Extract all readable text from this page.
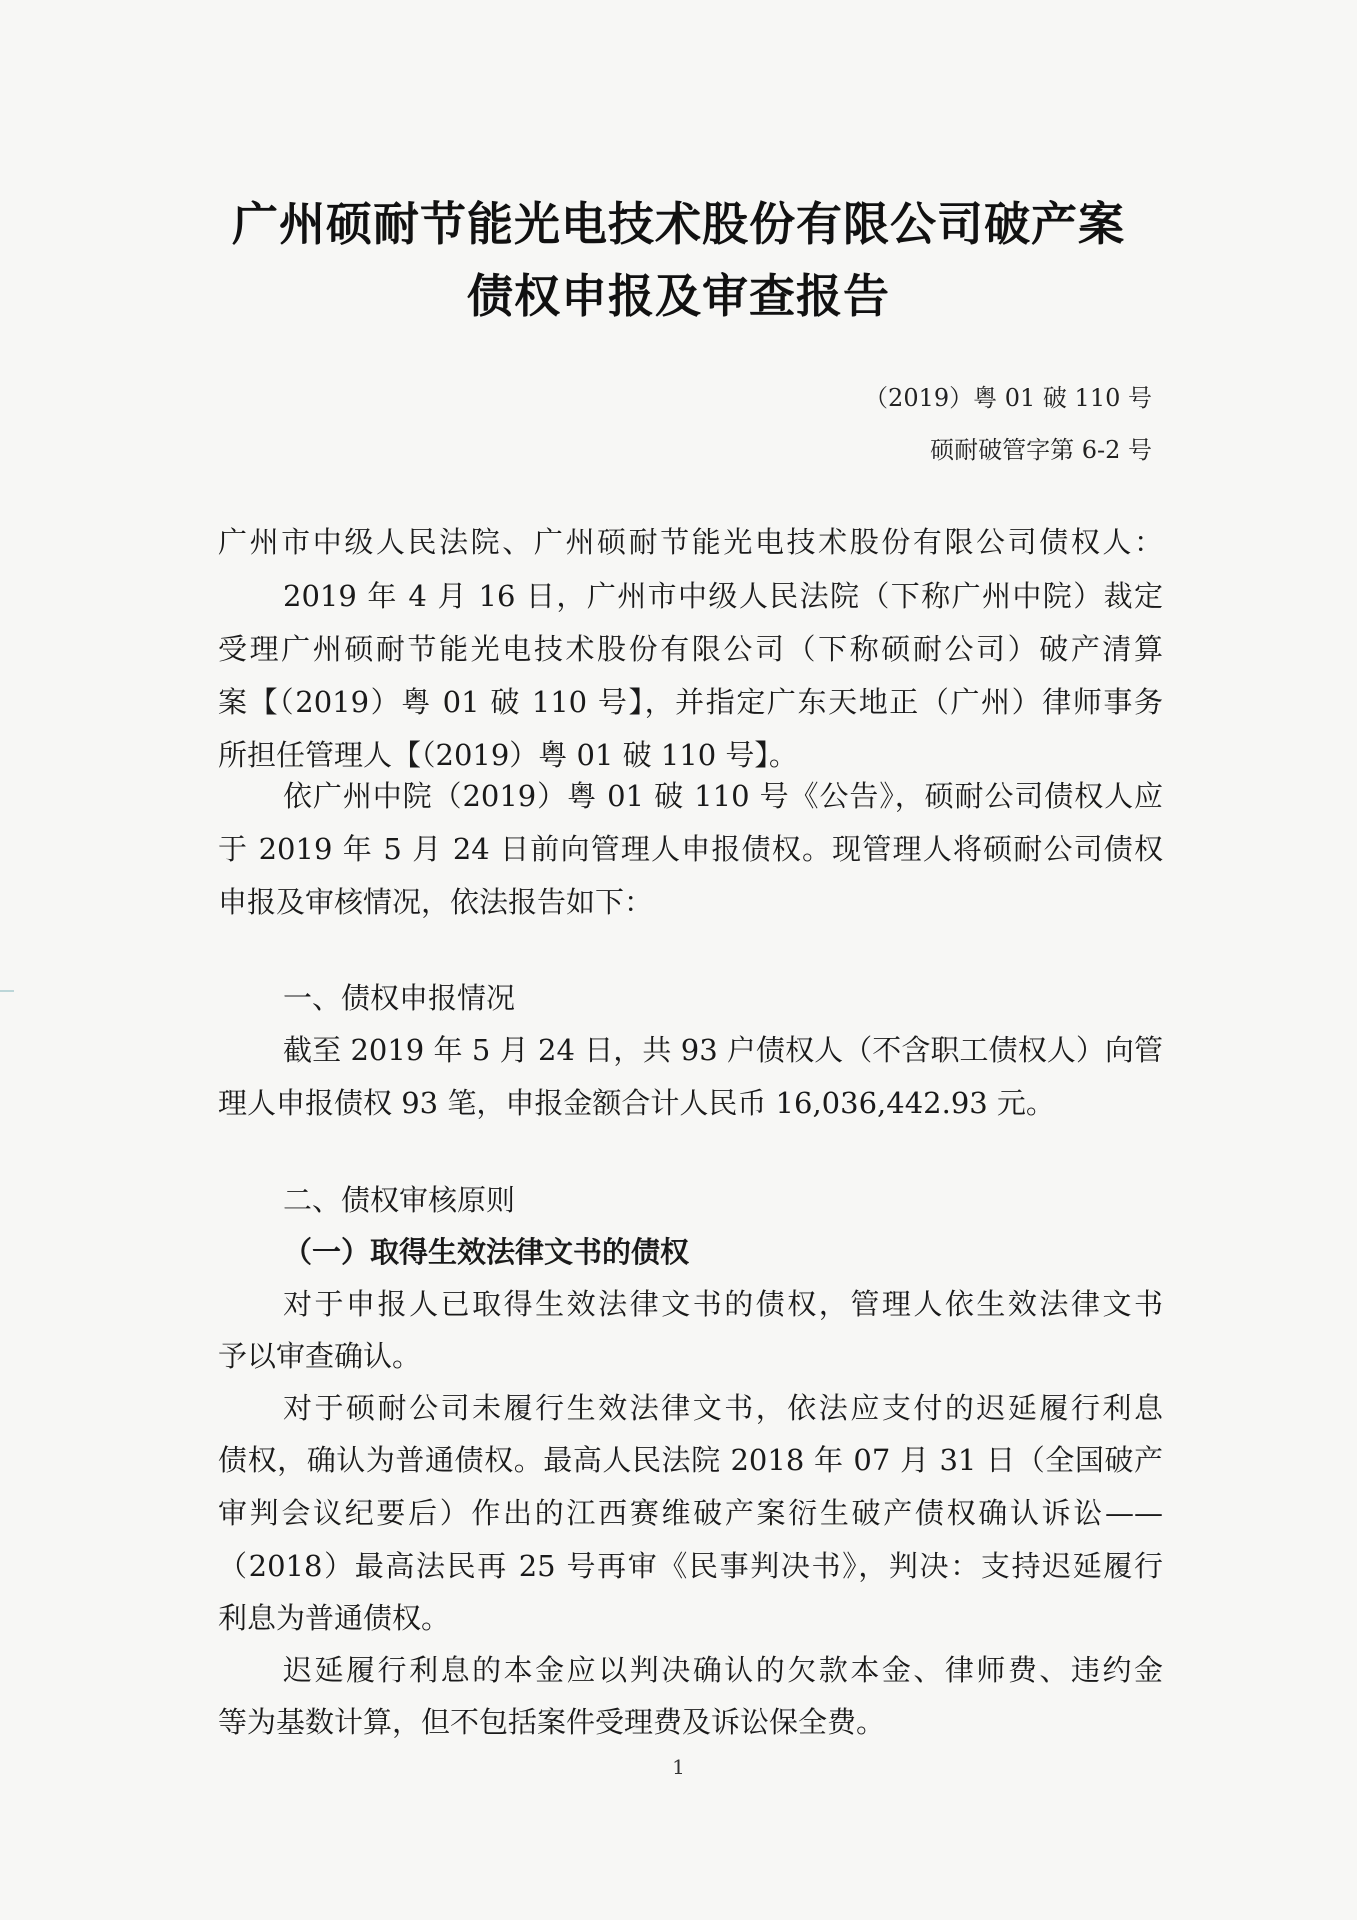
广州硕耐节能光电技术股份有限公司破产案
债权申报及审查报告
（2019）粤 01 破 110 号
硕耐破管字第 6-2 号
广州市中级人民法院、广州硕耐节能光电技术股份有限公司债权人：
2019 年 4 月 16 日，广州市中级人民法院（下称广州中院）裁定
受理广州硕耐节能光电技术股份有限公司（下称硕耐公司）破产清算
案【（2019）粤 01 破 110 号】，并指定广东天地正（广州）律师事务
所担任管理人【（2019）粤 01 破 110 号】。
依广州中院（2019）粤 01 破 110 号《公告》，硕耐公司债权人应
于 2019 年 5 月 24 日前向管理人申报债权。现管理人将硕耐公司债权
申报及审核情况，依法报告如下：
一、债权申报情况
截至 2019 年 5 月 24 日，共 93 户债权人（不含职工债权人）向管
理人申报债权 93 笔，申报金额合计人民币 16,036,442.93 元。
二、债权审核原则
（一）取得生效法律文书的债权
对于申报人已取得生效法律文书的债权，管理人依生效法律文书
予以审查确认。
对于硕耐公司未履行生效法律文书，依法应支付的迟延履行利息
债权，确认为普通债权。最高人民法院 2018 年 07 月 31 日（全国破产
审判会议纪要后）作出的江西赛维破产案衍生破产债权确认诉讼——
（2018）最高法民再 25 号再审《民事判决书》，判决：支持迟延履行
利息为普通债权。
迟延履行利息的本金应以判决确认的欠款本金、律师费、违约金
等为基数计算，但不包括案件受理费及诉讼保全费。
1
